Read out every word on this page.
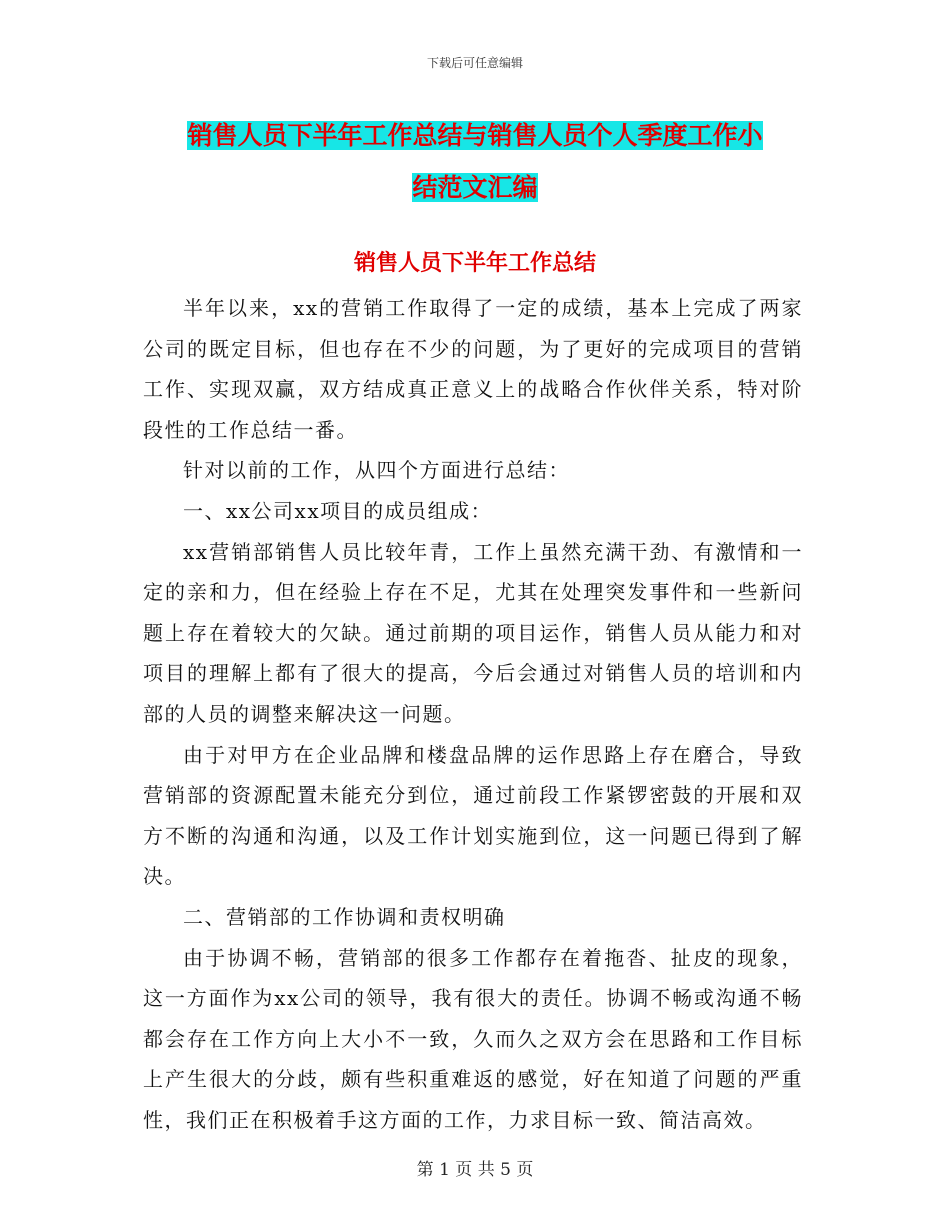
下载后可任意编辑
销售人员下半年工作总结与销售人员个人季度工作小
结范文汇编
销售人员下半年工作总结

半年以来，xx的营销工作取得了一定的成绩，基本上完成了两家公司的既定目标，但也存在不少的问题，为了更好的完成项目的营销工作、实现双赢，双方结成真正意义上的战略合作伙伴关系，特对阶段性的工作总结一番。

针对以前的工作，从四个方面进行总结：

一、xx公司xx项目的成员组成：

xx营销部销售人员比较年青，工作上虽然充满干劲、有激情和一定的亲和力，但在经验上存在不足，尤其在处理突发事件和一些新问题上存在着较大的欠缺。通过前期的项目运作，销售人员从能力和对项目的理解上都有了很大的提高，今后会通过对销售人员的培训和内部的人员的调整来解决这一问题。

由于对甲方在企业品牌和楼盘品牌的运作思路上存在磨合，导致营销部的资源配置未能充分到位，通过前段工作紧锣密鼓的开展和双方不断的沟通和沟通，以及工作计划实施到位，这一问题已得到了解决。

二、营销部的工作协调和责权明确

由于协调不畅，营销部的很多工作都存在着拖沓、扯皮的现象，这一方面作为xx公司的领导，我有很大的责任。协调不畅或沟通不畅都会存在工作方向上大小不一致，久而久之双方会在思路和工作目标上产生很大的分歧，颇有些积重难返的感觉，好在知道了问题的严重性，我们正在积极着手这方面的工作，力求目标一致、简洁高效。

第 1 页 共 5 页
